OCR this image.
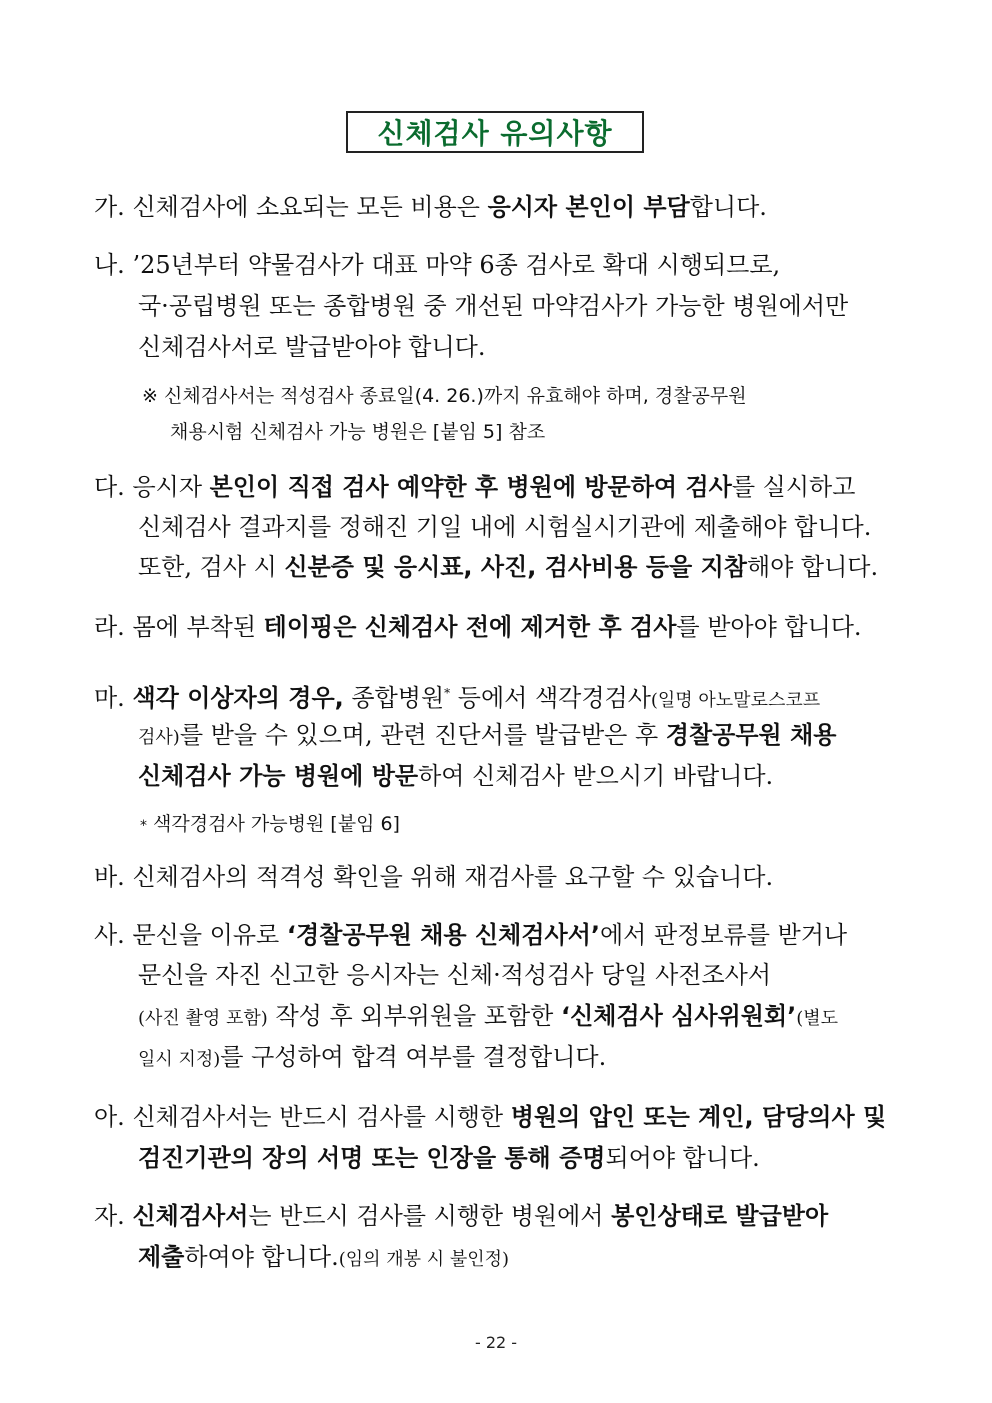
신체검사 유의사항
가. 신체검사에 소요되는 모든 비용은 응시자 본인이 부담합니다.
나. ’25년부터 약물검사가 대표 마약 6종 검사로 확대 시행되므로,
국·공립병원 또는 종합병원 중 개선된 마약검사가 가능한 병원에서만
신체검사서로 발급받아야 합니다.
※ 신체검사서는 적성검사 종료일(4. 26.)까지 유효해야 하며, 경찰공무원
채용시험 신체검사 가능 병원은 [붙임 5] 참조
다. 응시자 본인이 직접 검사 예약한 후 병원에 방문하여 검사를 실시하고
신체검사 결과지를 정해진 기일 내에 시험실시기관에 제출해야 합니다.
또한, 검사 시 신분증 및 응시표, 사진, 검사비용 등을 지참해야 합니다.
라. 몸에 부착된 테이핑은 신체검사 전에 제거한 후 검사를 받아야 합니다.
마. 색각 이상자의 경우, 종합병원* 등에서 색각경검사(일명 아노말로스코프
검사)를 받을 수 있으며, 관련 진단서를 발급받은 후 경찰공무원 채용
신체검사 가능 병원에 방문하여 신체검사 받으시기 바랍니다.
* 색각경검사 가능병원 [붙임 6]
바. 신체검사의 적격성 확인을 위해 재검사를 요구할 수 있습니다.
사. 문신을 이유로 ‘경찰공무원 채용 신체검사서’에서 판정보류를 받거나
문신을 자진 신고한 응시자는 신체·적성검사 당일 사전조사서
(사진 촬영 포함) 작성 후 외부위원을 포함한 ‘신체검사 심사위원회’(별도
일시 지정)를 구성하여 합격 여부를 결정합니다.
아. 신체검사서는 반드시 검사를 시행한 병원의 압인 또는 계인, 담당의사 및
검진기관의 장의 서명 또는 인장을 통해 증명되어야 합니다.
자. 신체검사서는 반드시 검사를 시행한 병원에서 봉인상태로 발급받아
제출하여야 합니다.(임의 개봉 시 불인정)
- 22 -
